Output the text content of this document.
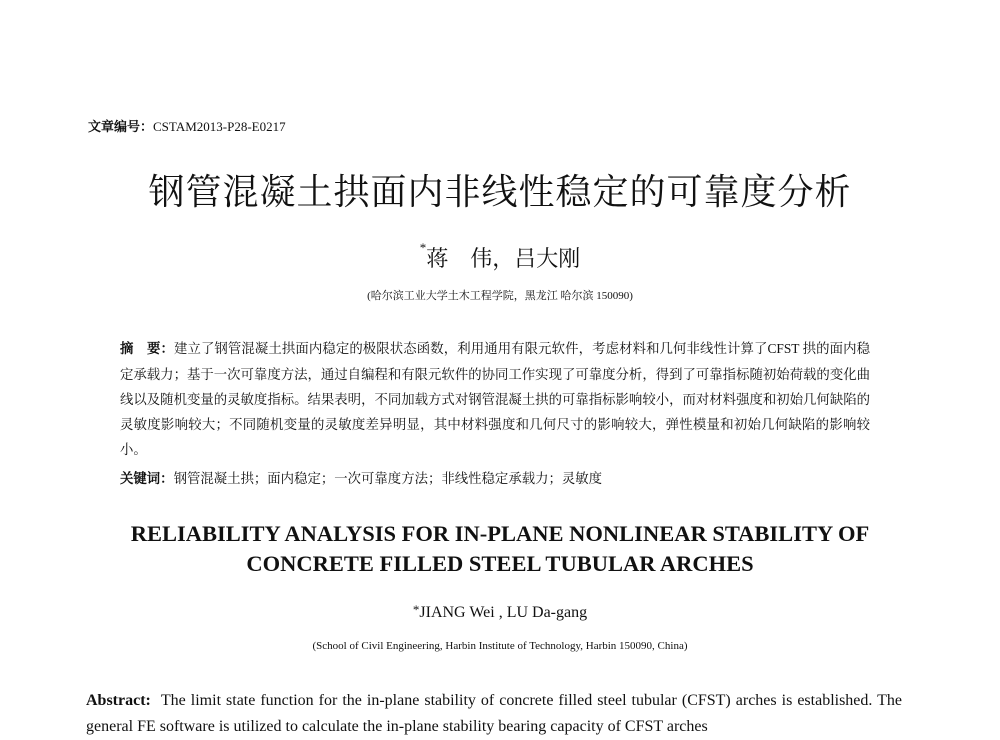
文章编号：CSTAM2013-P28-E0217
钢管混凝土拱面内非线性稳定的可靠度分析
*蒋　伟，吕大刚
(哈尔滨工业大学土木工程学院，黑龙江 哈尔滨 150090)
摘　要：建立了钢管混凝土拱面内稳定的极限状态函数，利用通用有限元软件，考虑材料和几何非线性计算了CFST 拱的面内稳定承载力；基于一次可靠度方法，通过自编程和有限元软件的协同工作实现了可靠度分析，得到了可靠指标随初始荷载的变化曲线以及随机变量的灵敏度指标。结果表明，不同加载方式对钢管混凝土拱的可靠指标影响较小，而对材料强度和初始几何缺陷的灵敏度影响较大；不同随机变量的灵敏度差异明显，其中材料强度和几何尺寸的影响较大，弹性模量和初始几何缺陷的影响较小。
关键词：钢管混凝土拱；面内稳定；一次可靠度方法；非线性稳定承载力；灵敏度
RELIABILITY ANALYSIS FOR IN-PLANE NONLINEAR STABILITY OF
CONCRETE FILLED STEEL TUBULAR ARCHES
*JIANG Wei , LU Da-gang
(School of Civil Engineering, Harbin Institute of Technology, Harbin 150090, China)
Abstract: The limit state function for the in-plane stability of concrete filled steel tubular (CFST) arches is established. The general FE software is utilized to calculate the in-plane stability bearing capacity of CFST arches
